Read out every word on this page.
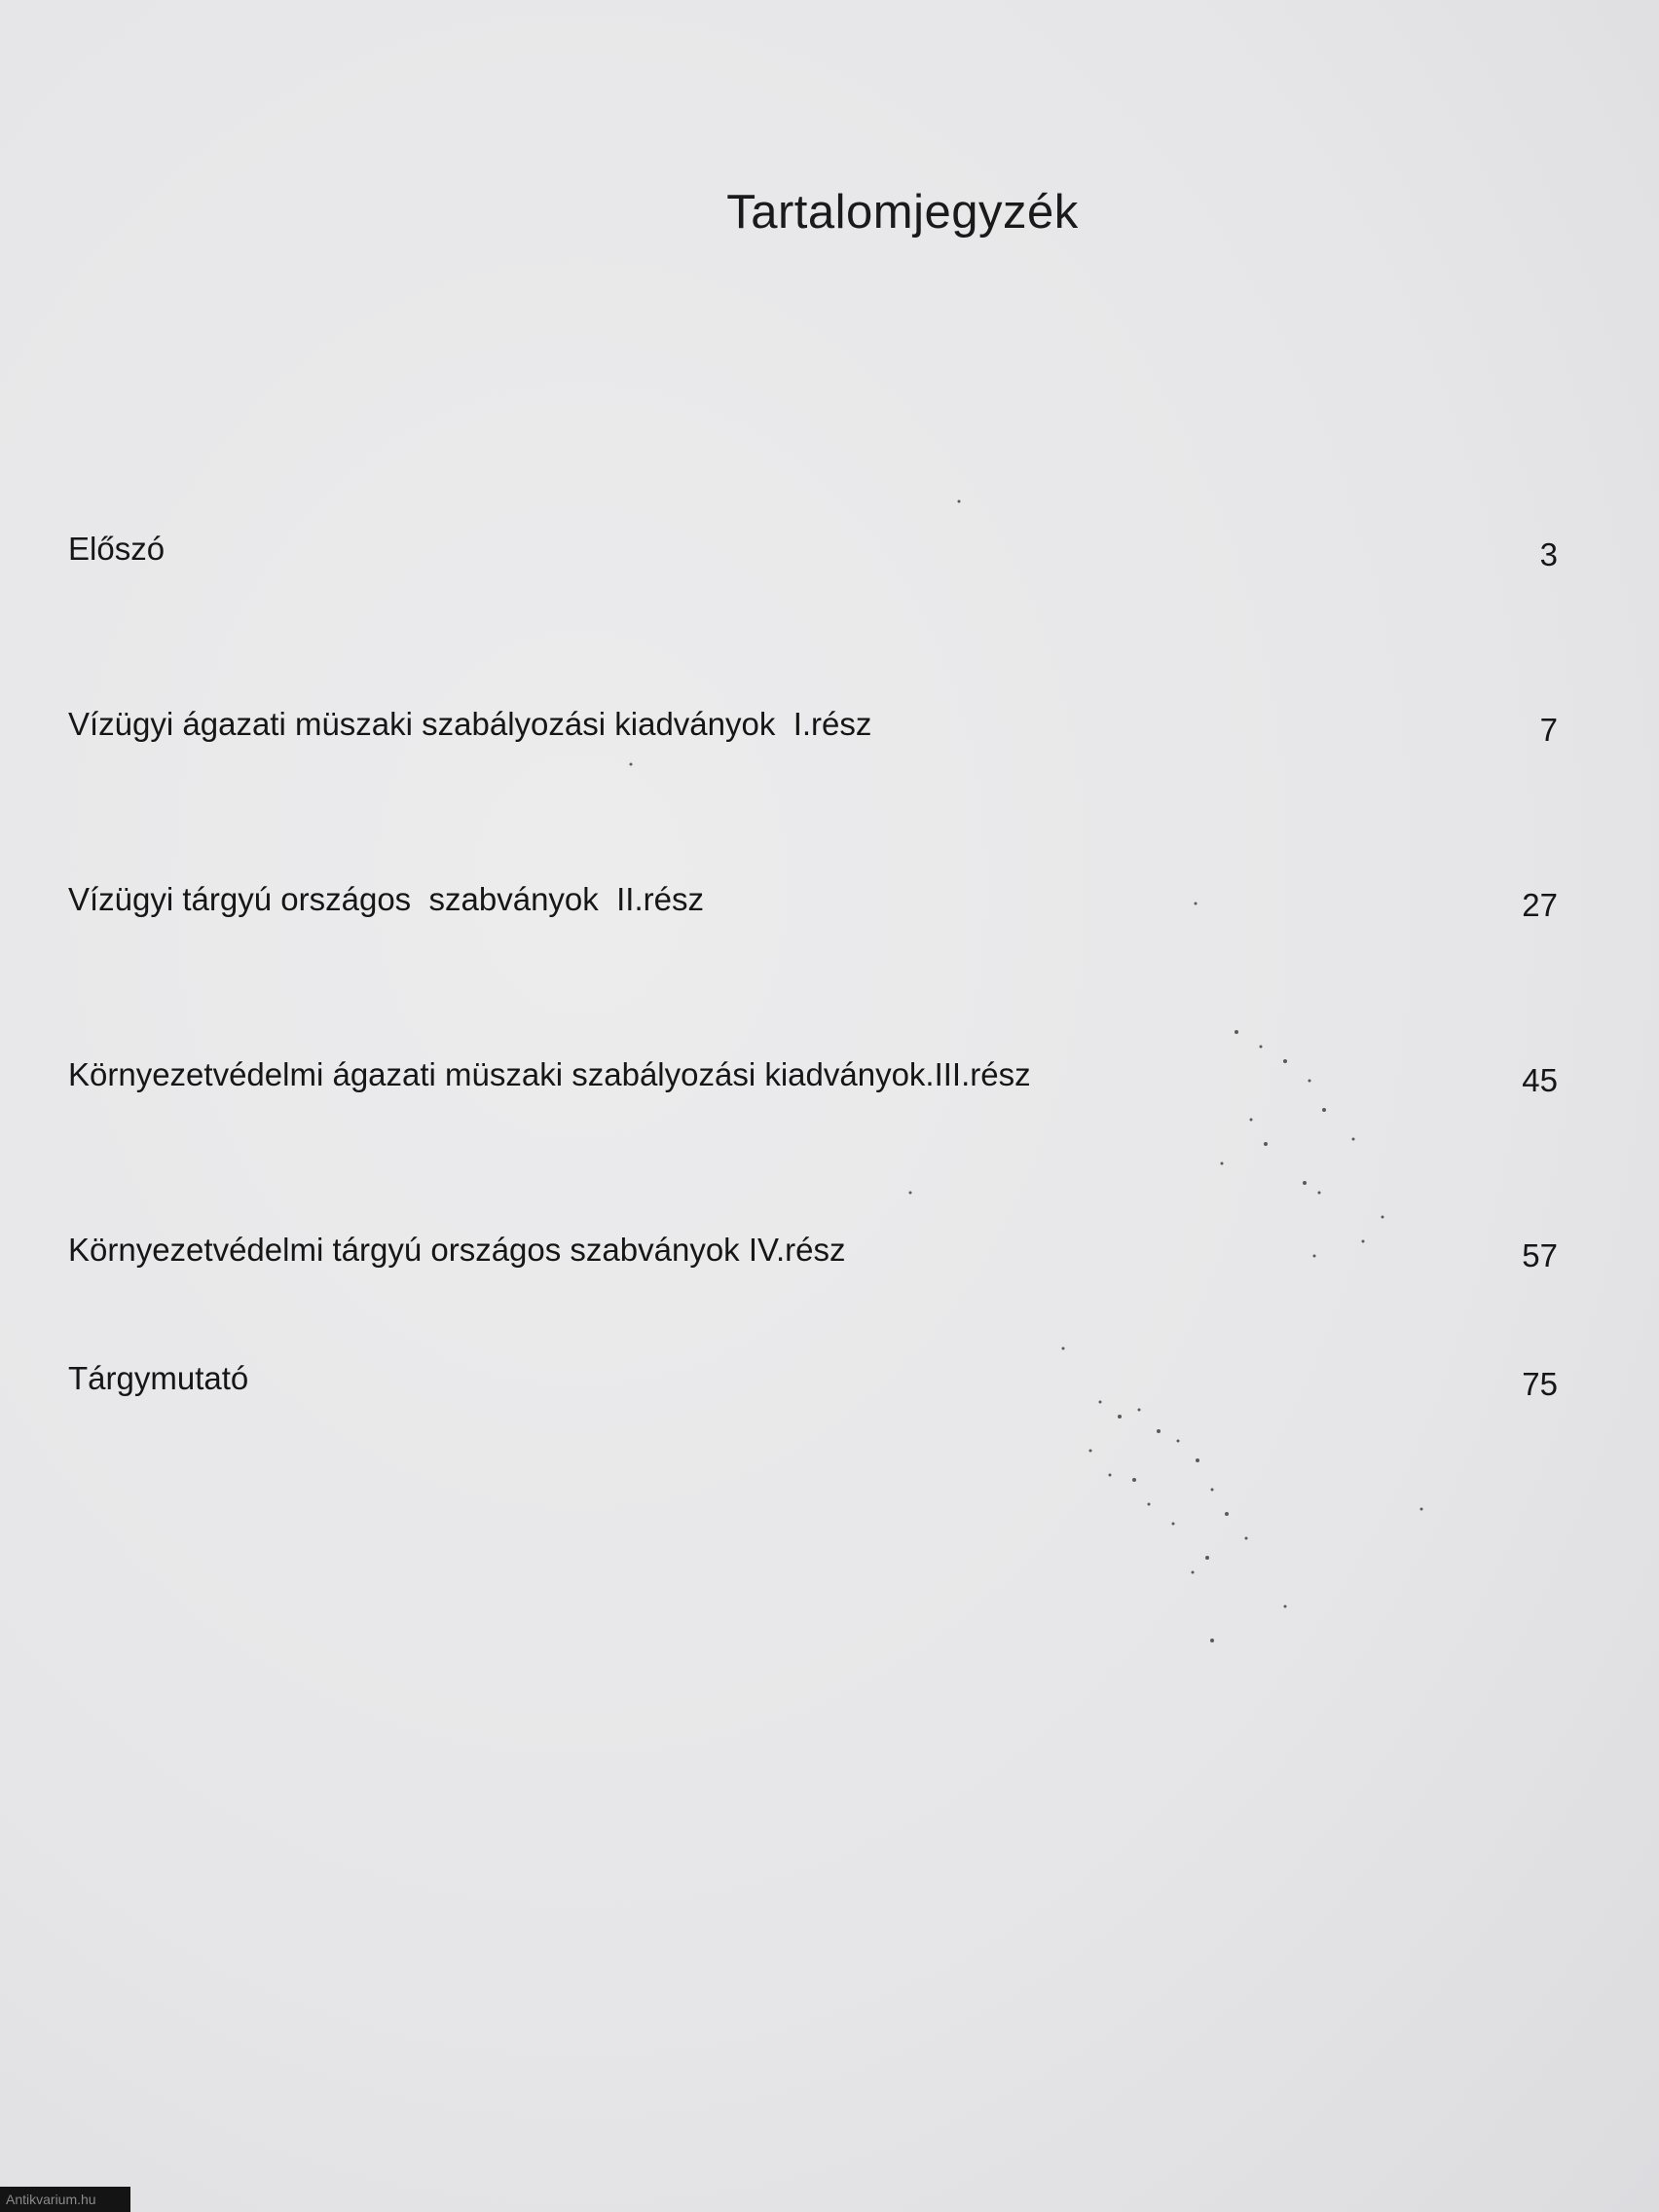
Tartalomjegyzék
Előszó	3
Vízügyi ágazati müszaki szabályozási kiadványok  I.rész	7
Vízügyi tárgyú országos  szabványok  II.rész	27
Környezetvédelmi ágazati müszaki szabályozási kiadványok.III.rész	45
Környezetvédelmi tárgyú országos szabványok IV.rész	57
Tárgymutató	75
Antikvarium.hu
